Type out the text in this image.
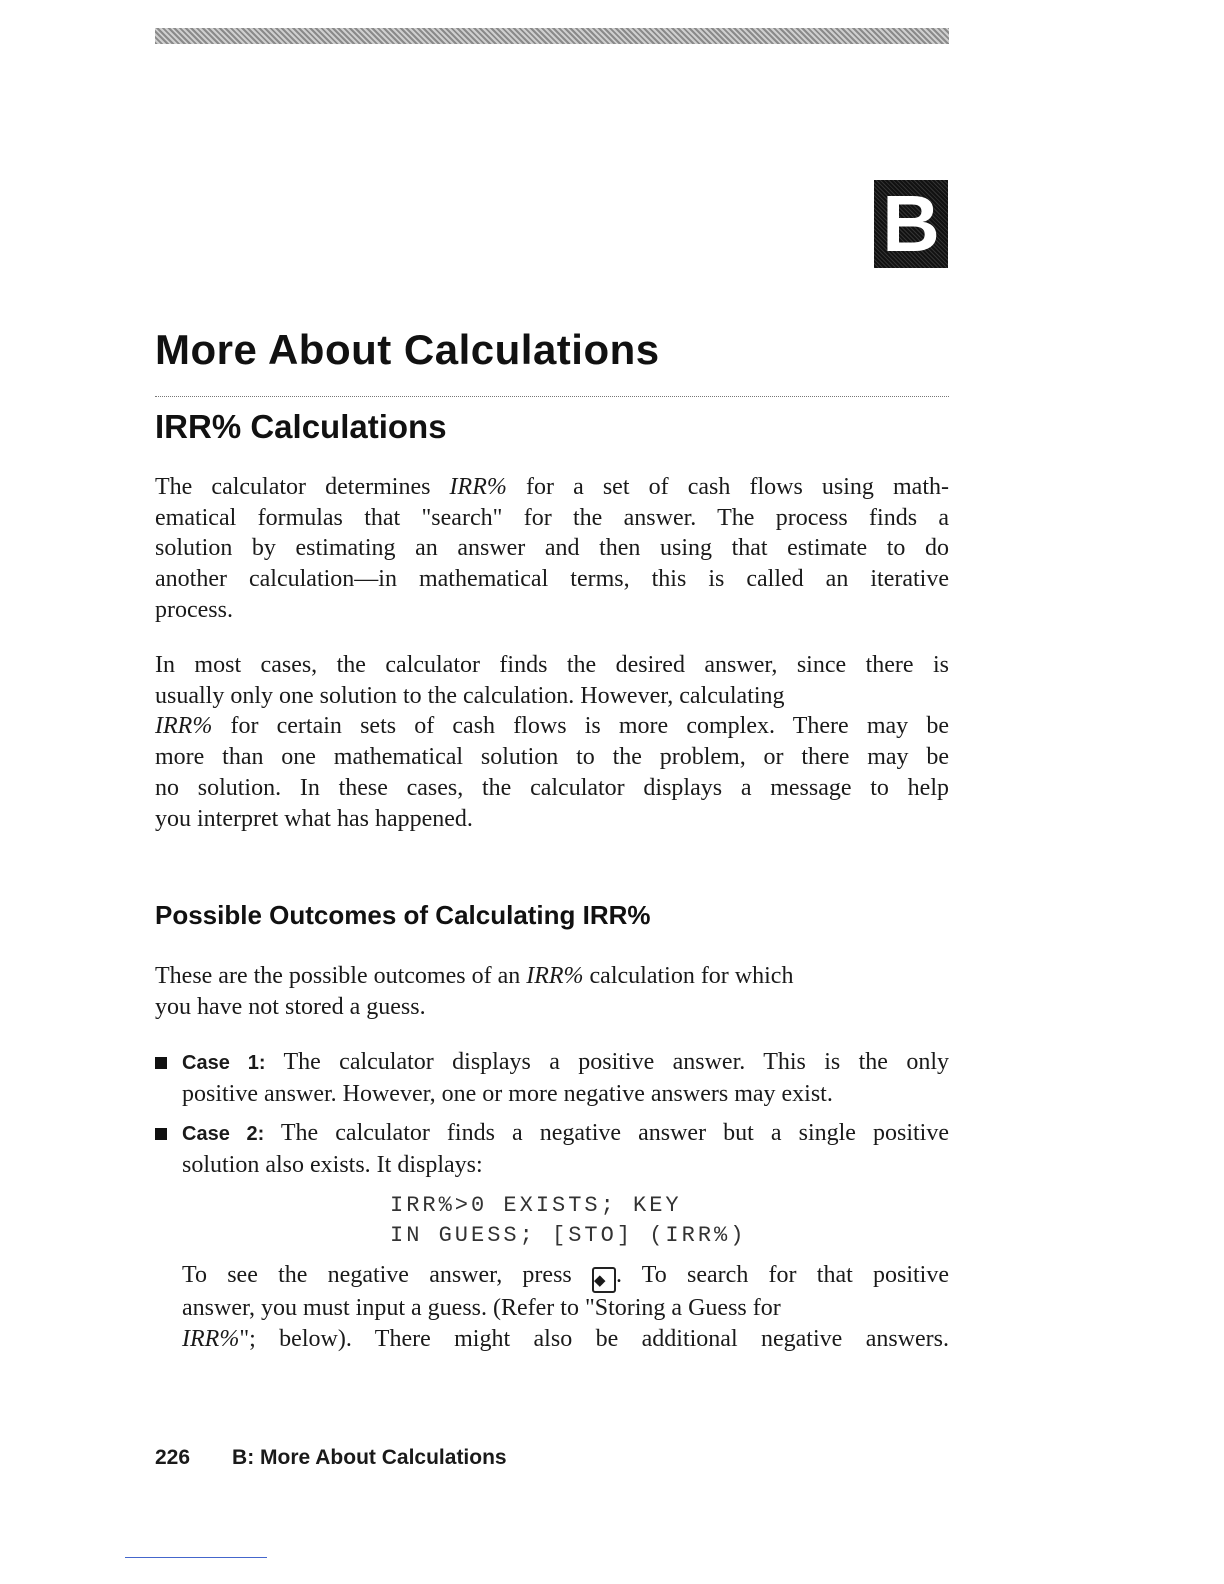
B
More About Calculations
IRR% Calculations
The calculator determines IRR% for a set of cash flows using math-
ematical formulas that "search" for the answer. The process finds a
solution by estimating an answer and then using that estimate to do
another calculation—in mathematical terms, this is called an iterative
process.
In most cases, the calculator finds the desired answer, since there is
usually only one solution to the calculation. However, calculating
IRR% for certain sets of cash flows is more complex. There may be
more than one mathematical solution to the problem, or there may be
no solution. In these cases, the calculator displays a message to help
you interpret what has happened.
Possible Outcomes of Calculating IRR%
These are the possible outcomes of an IRR% calculation for which
you have not stored a guess.
Case 1: The calculator displays a positive answer. This is the only
positive answer. However, one or more negative answers may exist.
Case 2: The calculator finds a negative answer but a single positive
solution also exists. It displays:
IRR%>0 EXISTS; KEY
IN GUESS; [STO] (IRR%)
To see the negative answer, press ◆ . To search for that positive
answer, you must input a guess. (Refer to "Storing a Guess for
IRR%"; below). There might also be additional negative answers.
226 B: More About Calculations
